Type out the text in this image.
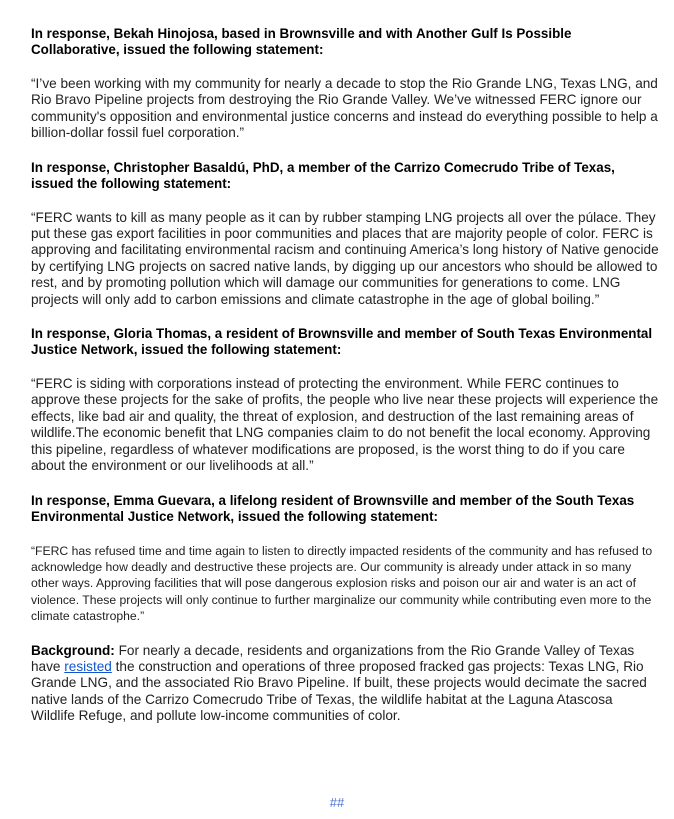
In response, Bekah Hinojosa, based in Brownsville and with Another Gulf Is Possible Collaborative, issued the following statement:

“I’ve been working with my community for nearly a decade to stop the Rio Grande LNG, Texas LNG, and Rio Bravo Pipeline projects from destroying the Rio Grande Valley. We’ve witnessed FERC ignore our community's opposition and environmental justice concerns and instead do everything possible to help a billion-dollar fossil fuel corporation.”

In response, Christopher Basaldú, PhD, a member of the Carrizo Comecrudo Tribe of Texas, issued the following statement:

“FERC wants to kill as many people as it can by rubber stamping LNG projects all over the púlace. They put these gas export facilities in poor communities and places that are majority people of color. FERC is approving and facilitating environmental racism and continuing America’s long history of Native genocide by certifying LNG projects on sacred native lands, by digging up our ancestors who should be allowed to rest, and by promoting pollution which will damage our communities for generations to come. LNG projects will only add to carbon emissions and climate catastrophe in the age of global boiling.”

In response, Gloria Thomas, a resident of Brownsville and member of South Texas Environmental Justice Network, issued the following statement:

“FERC is siding with corporations instead of protecting the environment. While FERC continues to approve these projects for the sake of profits, the people who live near these projects will experience the effects, like bad air and quality, the threat of explosion, and destruction of the last remaining areas of wildlife.The economic benefit that LNG companies claim to do not benefit the local economy. Approving this pipeline, regardless of whatever modifications are proposed, is the worst thing to do if you care about the environment or our livelihoods at all.”

In response, Emma Guevara, a lifelong resident of Brownsville and member of the South Texas Environmental Justice Network, issued the following statement:

“FERC has refused time and time again to listen to directly impacted residents of the community and has refused to acknowledge how deadly and destructive these projects are. Our community is already under attack in so many other ways. Approving facilities that will pose dangerous explosion risks and poison our air and water is an act of violence. These projects will only continue to further marginalize our community while contributing even more to the climate catastrophe.”

Background: For nearly a decade, residents and organizations from the Rio Grande Valley of Texas have resisted the construction and operations of three proposed fracked gas projects: Texas LNG, Rio Grande LNG, and the associated Rio Bravo Pipeline. If built, these projects would decimate the sacred native lands of the Carrizo Comecrudo Tribe of Texas, the wildlife habitat at the Laguna Atascosa Wildlife Refuge, and pollute low-income communities of color.

##
